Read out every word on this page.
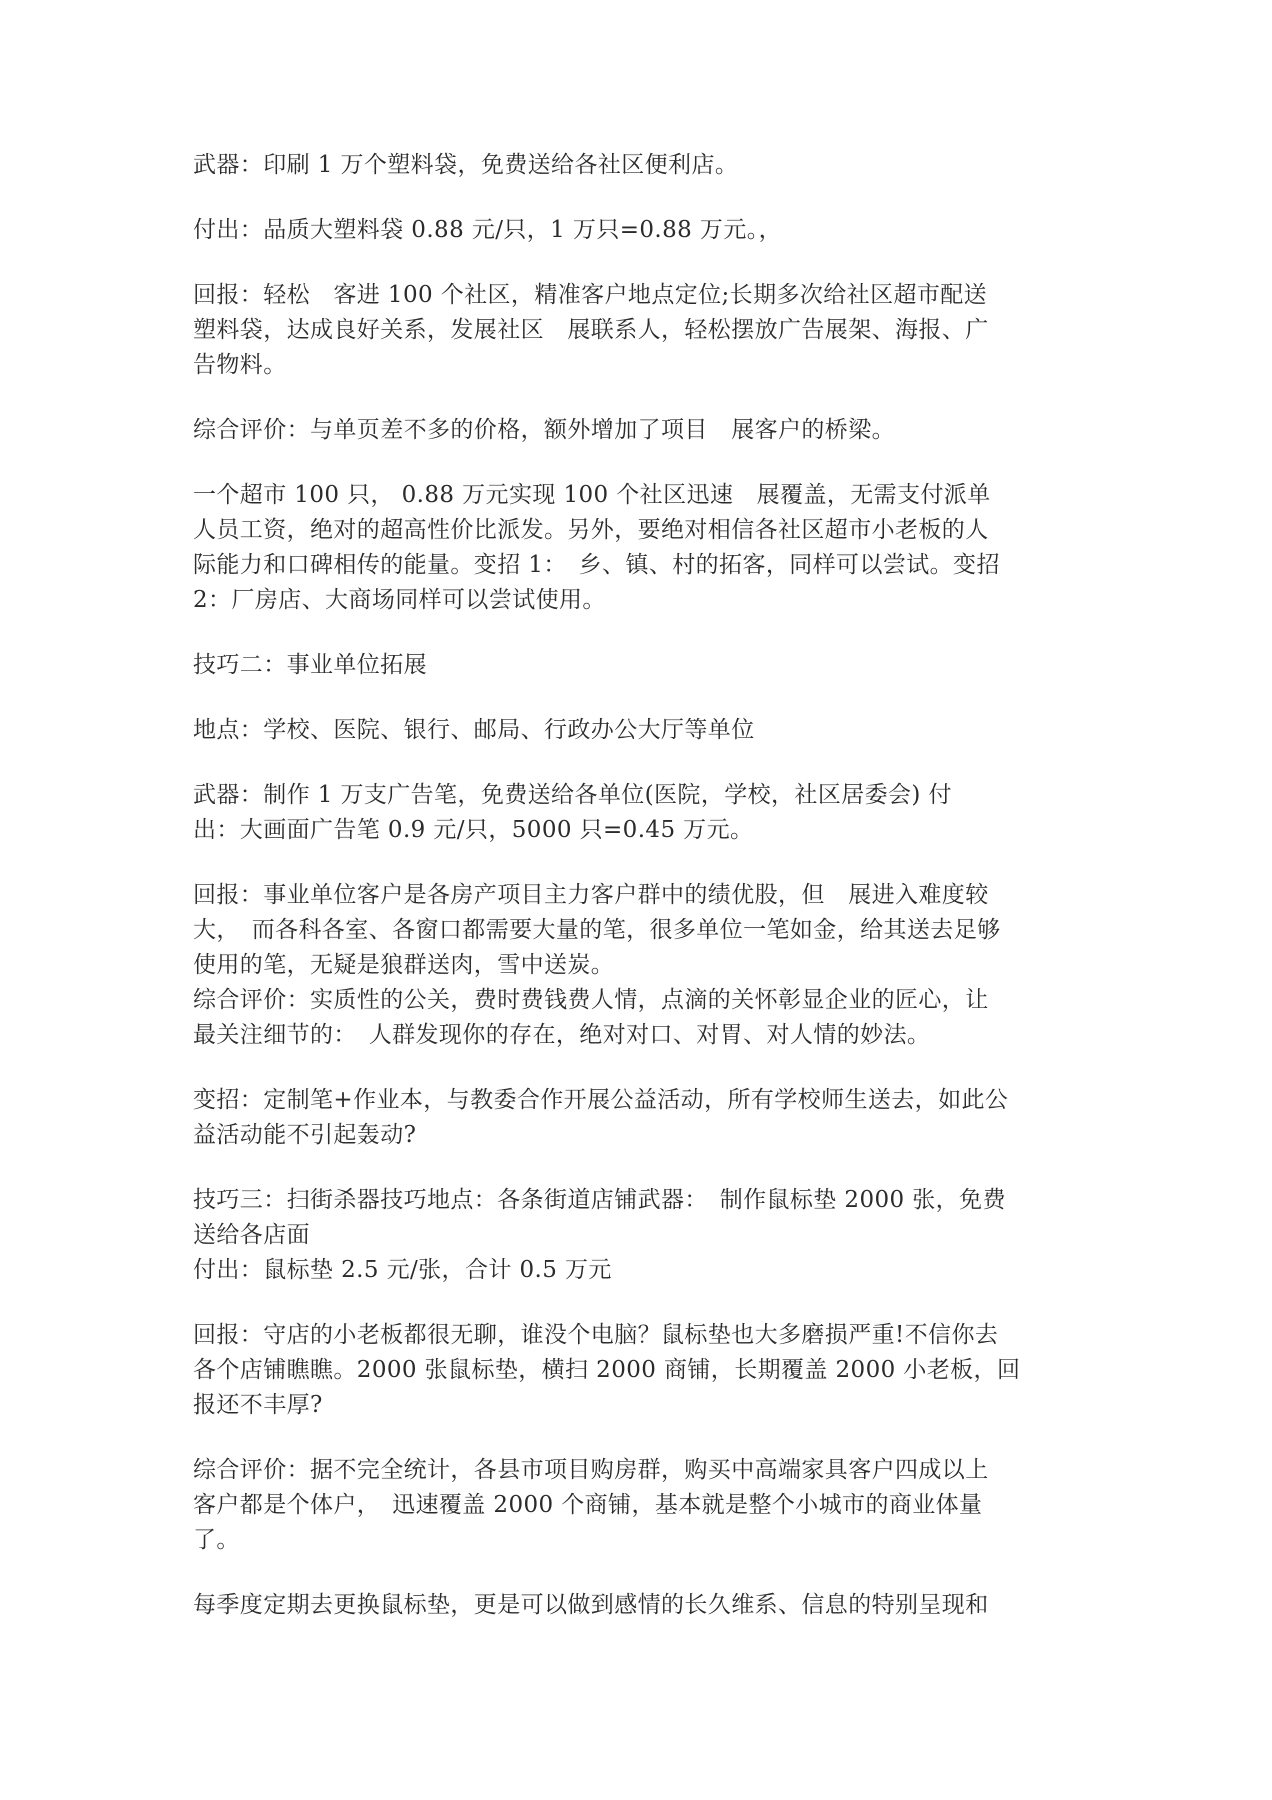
武器：印刷 1 万个塑料袋，免费送给各社区便利店。
付出：品质大塑料袋 0.88 元/只，1 万只=0.88 万元。，
回报：轻松　客进 100 个社区，精准客户地点定位;长期多次给社区超市配送
塑料袋，达成良好关系，发展社区　展联系人，轻松摆放广告展架、海报、广
告物料。
综合评价：与单页差不多的价格，额外增加了项目　展客户的桥梁。
一个超市 100 只， 0.88 万元实现 100 个社区迅速　展覆盖，无需支付派单
人员工资，绝对的超高性价比派发。另外，要绝对相信各社区超市小老板的人
际能力和口碑相传的能量。变招 1：　乡、镇、村的拓客，同样可以尝试。变招
2：厂房店、大商场同样可以尝试使用。
技巧二：事业单位拓展
地点：学校、医院、银行、邮局、行政办公大厅等单位
武器：制作 1 万支广告笔，免费送给各单位(医院，学校，社区居委会) 付
出：大画面广告笔 0.9 元/只，5000 只=0.45 万元。
回报：事业单位客户是各房产项目主力客户群中的绩优股，但　展进入难度较
大，　而各科各室、各窗口都需要大量的笔，很多单位一笔如金，给其送去足够
使用的笔，无疑是狼群送肉，雪中送炭。
综合评价：实质性的公关，费时费钱费人情，点滴的关怀彰显企业的匠心，让
最关注细节的：　人群发现你的存在，绝对对口、对胃、对人情的妙法。
变招：定制笔+作业本，与教委合作开展公益活动，所有学校师生送去，如此公
益活动能不引起轰动?
技巧三：扫街杀器技巧地点：各条街道店铺武器：　制作鼠标垫 2000 张，免费
送给各店面
付出：鼠标垫 2.5 元/张，合计 0.5 万元
回报：守店的小老板都很无聊，谁没个电脑？鼠标垫也大多磨损严重!不信你去
各个店铺瞧瞧。2000 张鼠标垫，横扫 2000 商铺，长期覆盖 2000 小老板，回
报还不丰厚?
综合评价：据不完全统计，各县市项目购房群，购买中高端家具客户四成以上
客户都是个体户，　迅速覆盖 2000 个商铺，基本就是整个小城市的商业体量
了。
每季度定期去更换鼠标垫，更是可以做到感情的长久维系、信息的特别呈现和
